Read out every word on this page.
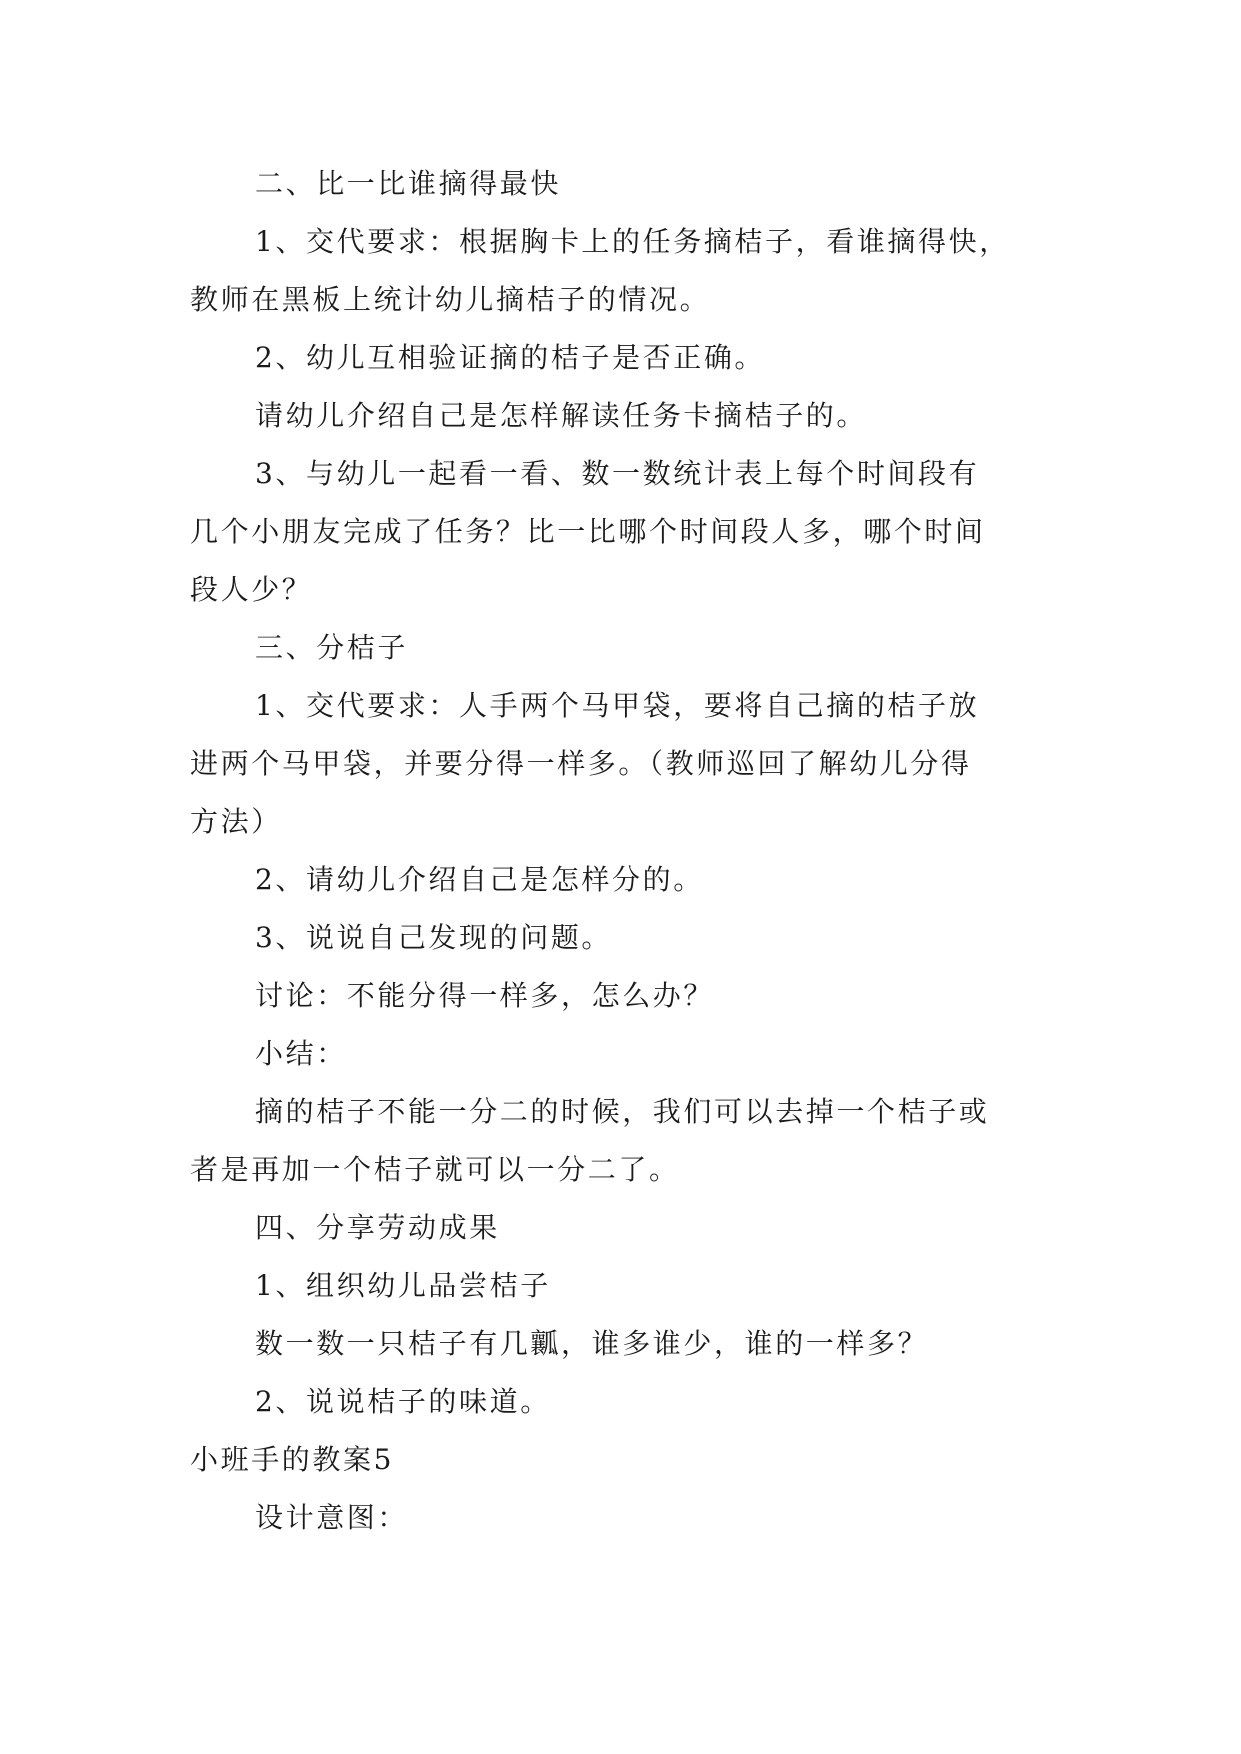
二、比一比谁摘得最快
1、交代要求：根据胸卡上的任务摘桔子，看谁摘得快，
教师在黑板上统计幼儿摘桔子的情况。
2、幼儿互相验证摘的桔子是否正确。
请幼儿介绍自己是怎样解读任务卡摘桔子的。
3、与幼儿一起看一看、数一数统计表上每个时间段有
几个小朋友完成了任务？比一比哪个时间段人多，哪个时间
段人少？
三、分桔子
1、交代要求：人手两个马甲袋，要将自己摘的桔子放
进两个马甲袋，并要分得一样多。（教师巡回了解幼儿分得
方法）
2、请幼儿介绍自己是怎样分的。
3、说说自己发现的问题。
讨论：不能分得一样多，怎么办？
小结：
摘的桔子不能一分二的时候，我们可以去掉一个桔子或
者是再加一个桔子就可以一分二了。
四、分享劳动成果
1、组织幼儿品尝桔子
数一数一只桔子有几瓤，谁多谁少，谁的一样多？
2、说说桔子的味道。
小班手的教案5
设计意图：
